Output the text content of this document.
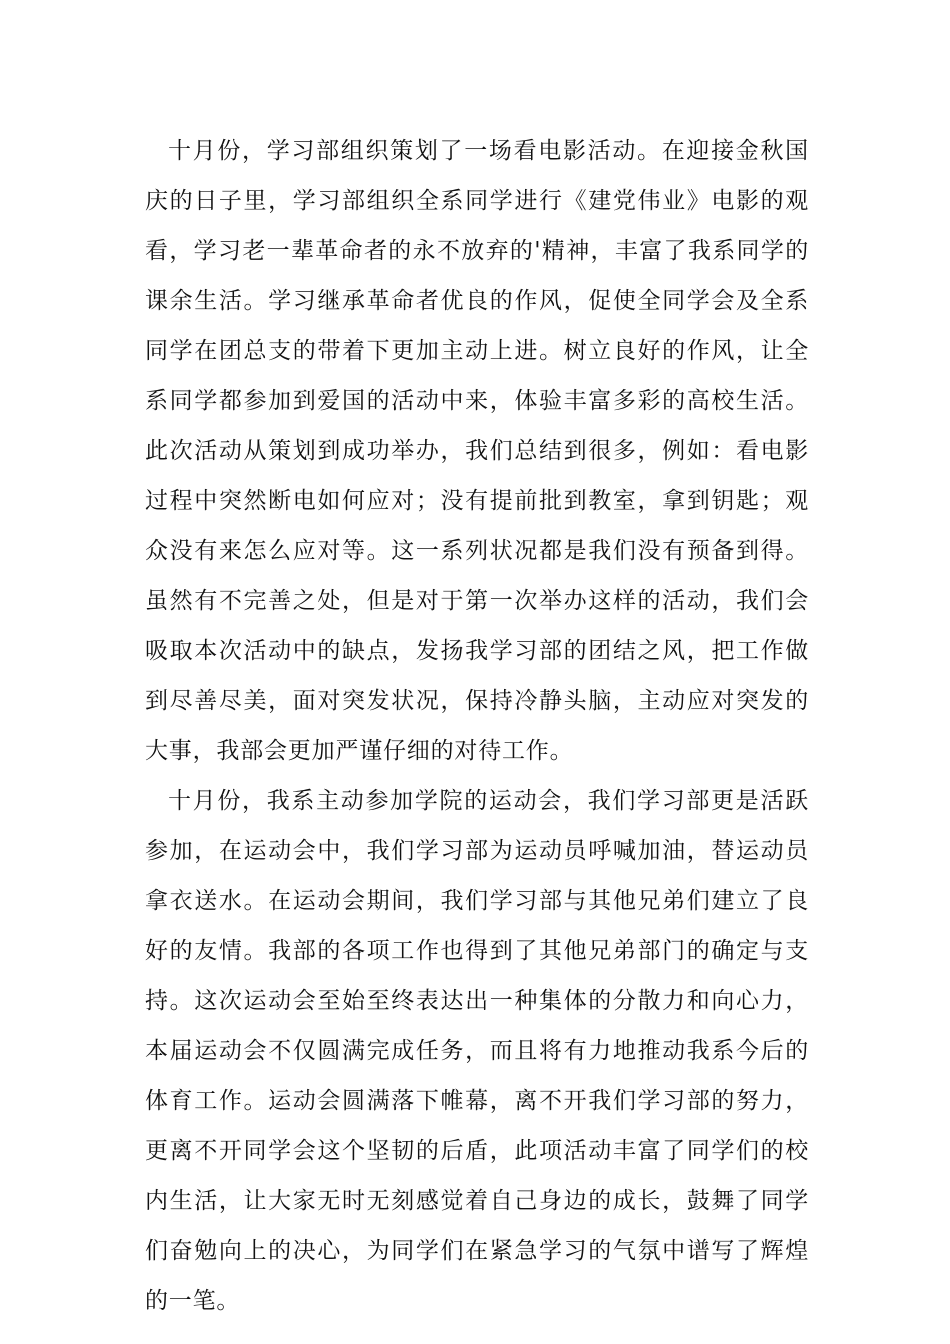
十月份，学习部组织策划了一场看电影活动。在迎接金秋国庆的日子里，学习部组织全系同学进行《建党伟业》电影的观看，学习老一辈革命者的永不放弃的'精神，丰富了我系同学的课余生活。学习继承革命者优良的作风，促使全同学会及全系同学在团总支的带着下更加主动上进。树立良好的作风，让全系同学都参加到爱国的活动中来，体验丰富多彩的高校生活。此次活动从策划到成功举办，我们总结到很多，例如：看电影过程中突然断电如何应对；没有提前批到教室，拿到钥匙；观众没有来怎么应对等。这一系列状况都是我们没有预备到得。虽然有不完善之处，但是对于第一次举办这样的活动，我们会吸取本次活动中的缺点，发扬我学习部的团结之风，把工作做到尽善尽美，面对突发状况，保持冷静头脑，主动应对突发的大事，我部会更加严谨仔细的对待工作。

十月份，我系主动参加学院的运动会，我们学习部更是活跃参加，在运动会中，我们学习部为运动员呼喊加油，替运动员拿衣送水。在运动会期间，我们学习部与其他兄弟们建立了良好的友情。我部的各项工作也得到了其他兄弟部门的确定与支持。这次运动会至始至终表达出一种集体的分散力和向心力，本届运动会不仅圆满完成任务，而且将有力地推动我系今后的体育工作。运动会圆满落下帷幕，离不开我们学习部的努力，更离不开同学会这个坚韧的后盾，此项活动丰富了同学们的校内生活，让大家无时无刻感觉着自己身边的成长，鼓舞了同学们奋勉向上的决心，为同学们在紧急学习的气氛中谱写了辉煌的一笔。
